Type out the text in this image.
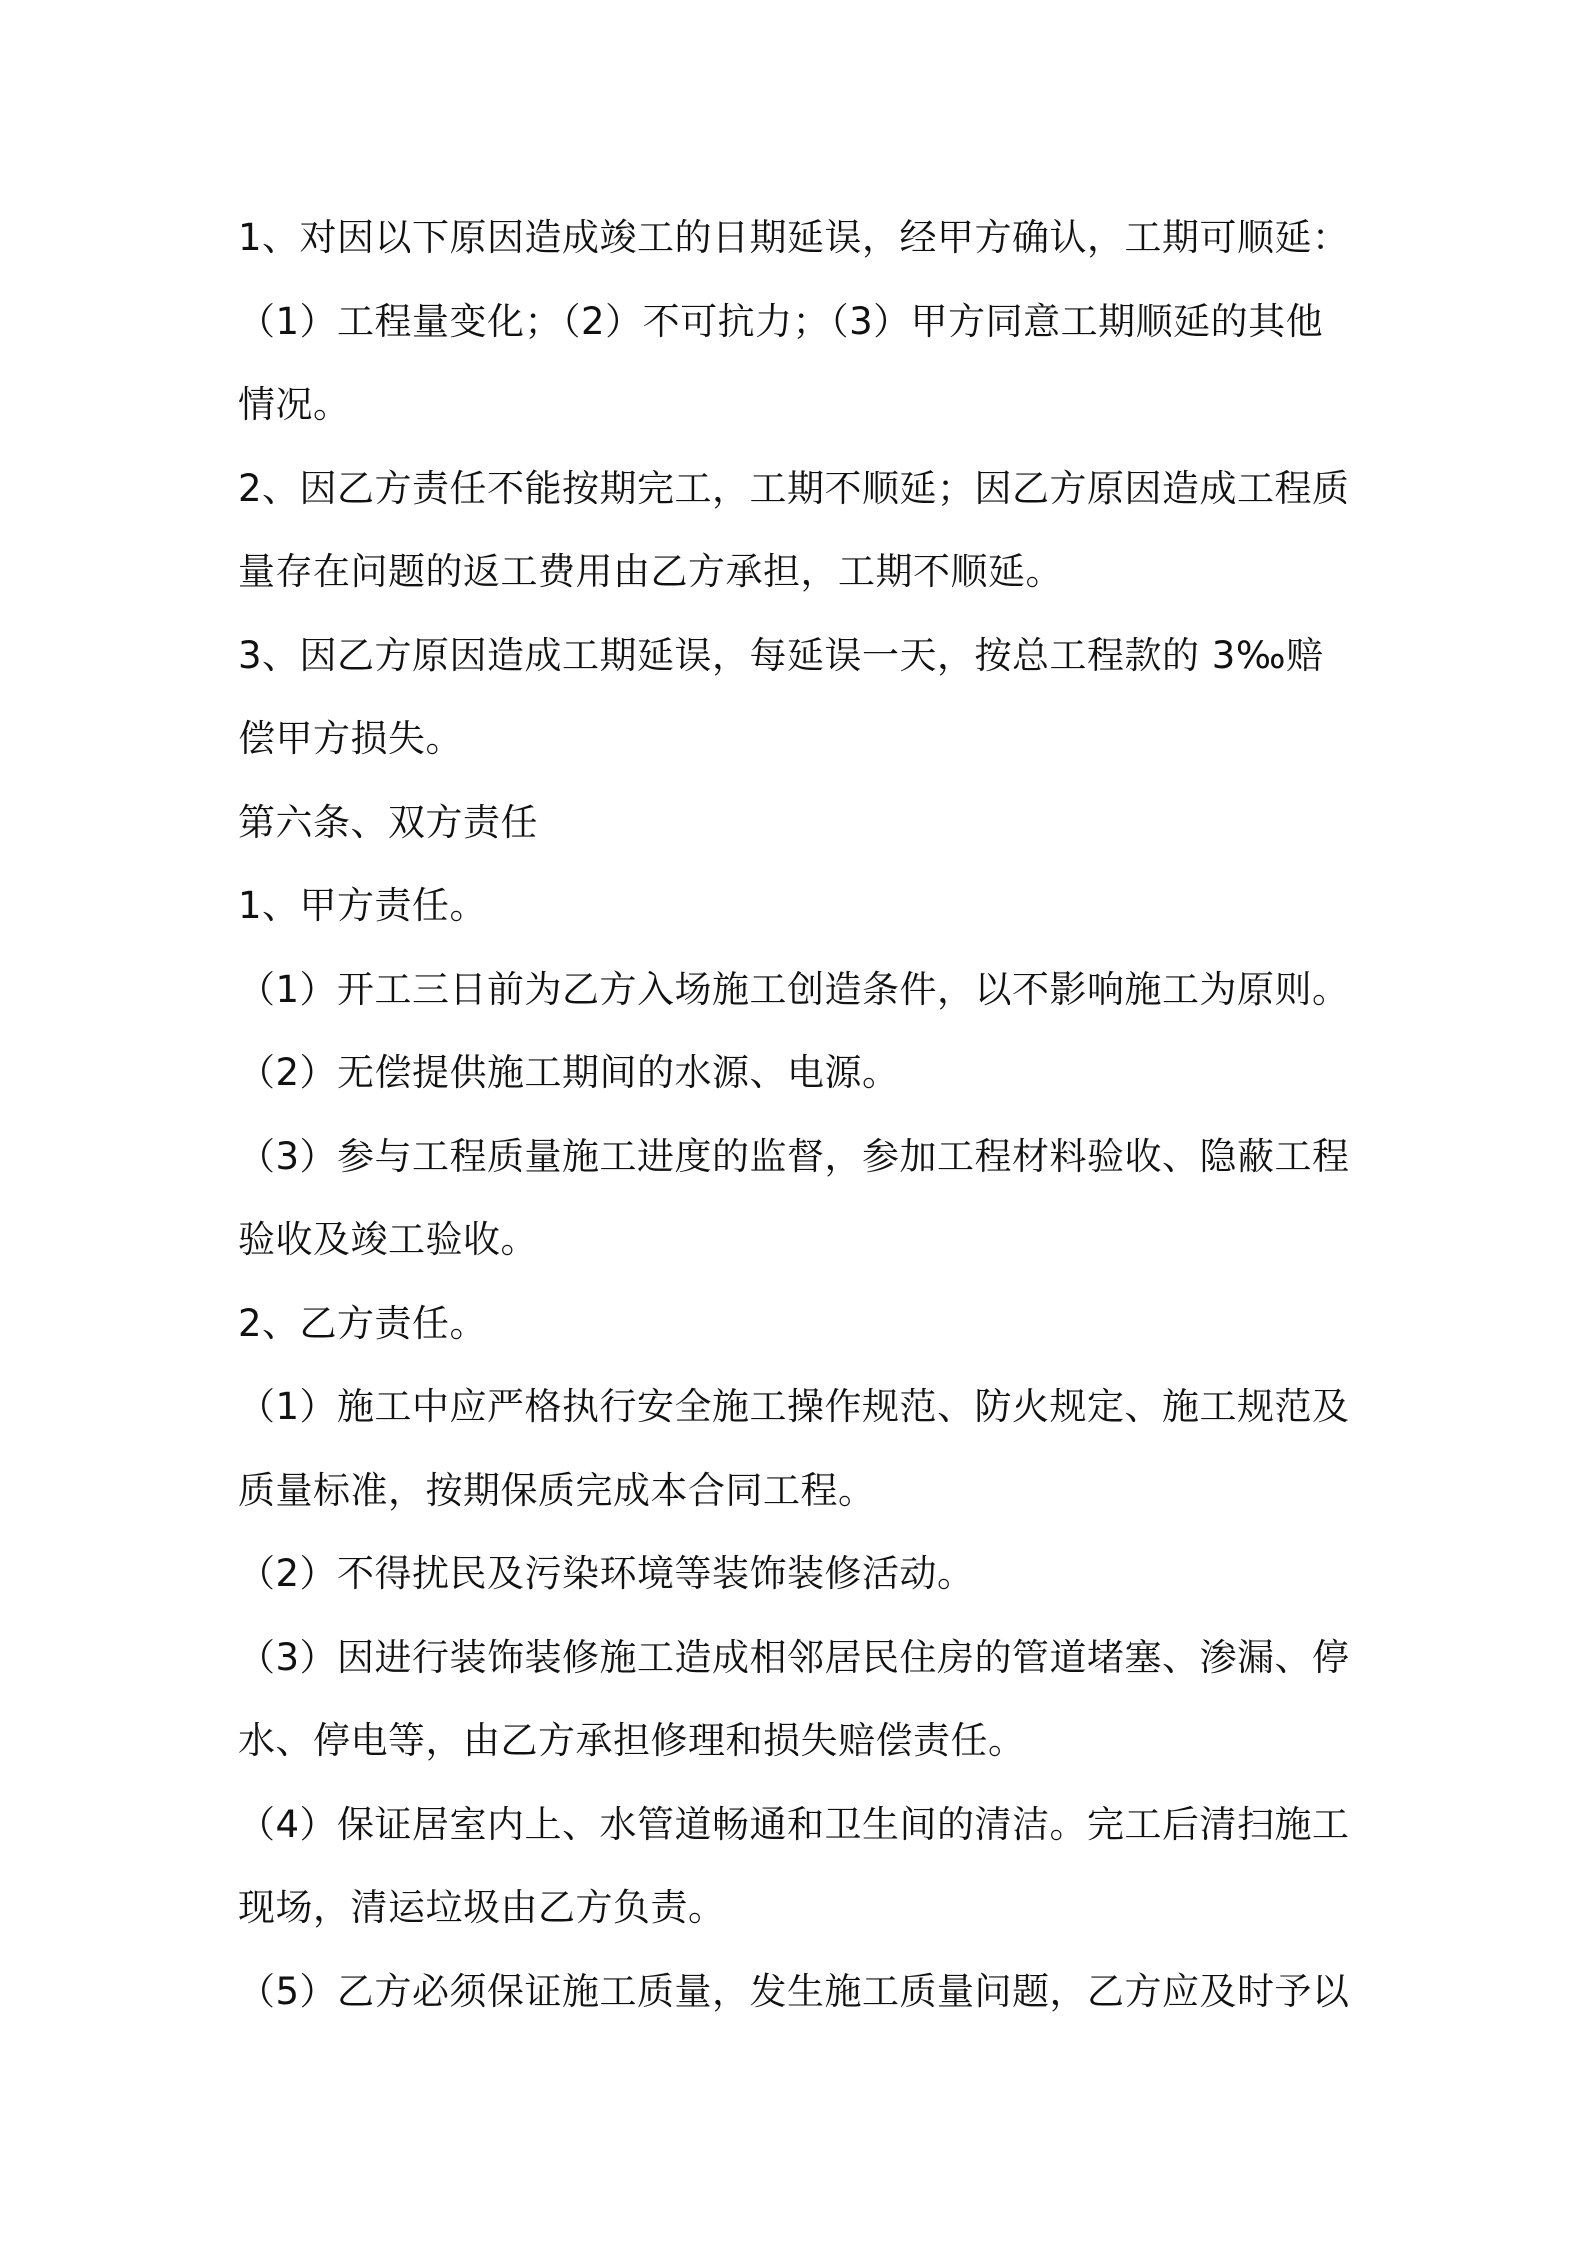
1、对因以下原因造成竣工的日期延误，经甲方确认，工期可顺延：

（1）工程量变化；（2）不可抗力；（3）甲方同意工期顺延的其他情况。

2、因乙方责任不能按期完工，工期不顺延；因乙方原因造成工程质量存在问题的返工费用由乙方承担，工期不顺延。

3、因乙方原因造成工期延误，每延误一天，按总工程款的 3‰赔偿甲方损失。

第六条、双方责任

1、甲方责任。

（1）开工三日前为乙方入场施工创造条件，以不影响施工为原则。

（2）无偿提供施工期间的水源、电源。

（3）参与工程质量施工进度的监督，参加工程材料验收、隐蔽工程验收及竣工验收。

2、乙方责任。

（1）施工中应严格执行安全施工操作规范、防火规定、施工规范及质量标准，按期保质完成本合同工程。

（2）不得扰民及污染环境等装饰装修活动。

（3）因进行装饰装修施工造成相邻居民住房的管道堵塞、渗漏、停水、停电等，由乙方承担修理和损失赔偿责任。

（4）保证居室内上、水管道畅通和卫生间的清洁。完工后清扫施工现场，清运垃圾由乙方负责。

（5）乙方必须保证施工质量，发生施工质量问题，乙方应及时予以
